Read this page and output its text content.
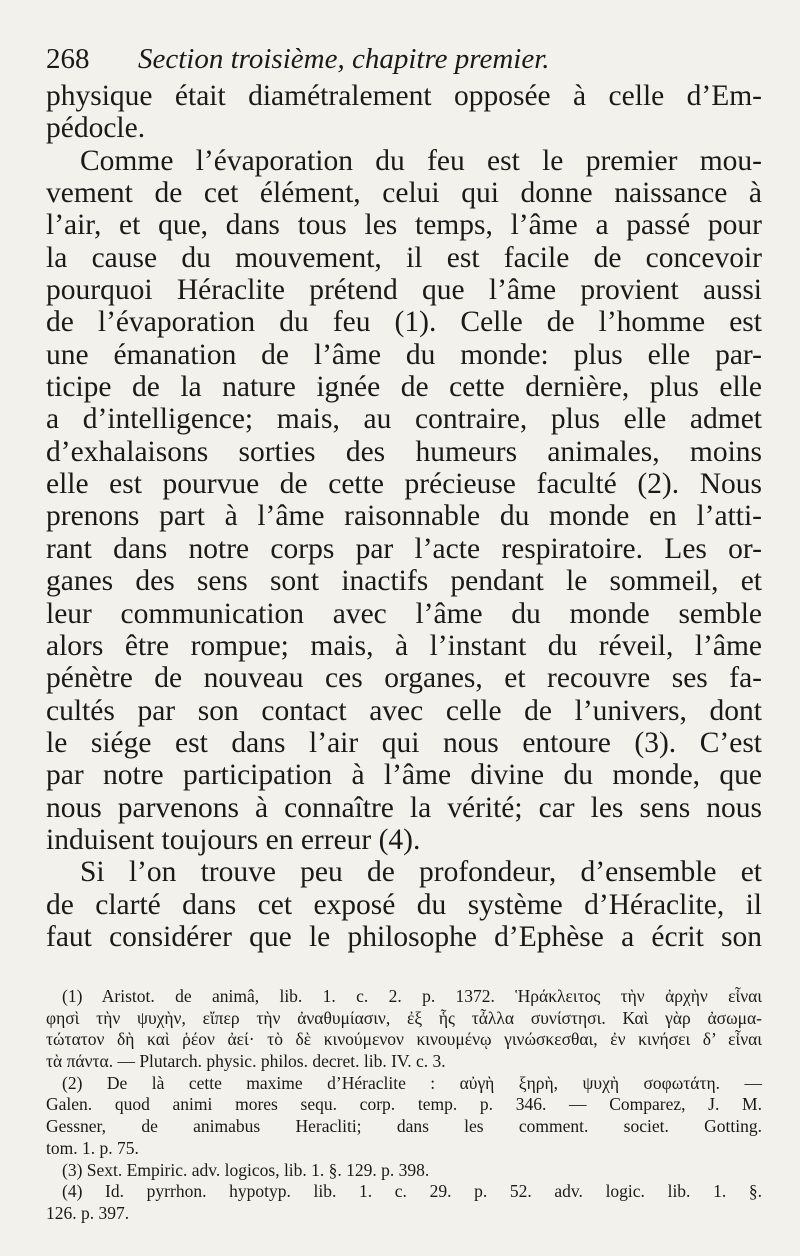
268 Section troisième, chapitre premier.
physique était diamétralement opposée à celle d’Em-
pédocle.
Comme l’évaporation du feu est le premier mou-
vement de cet élément, celui qui donne naissance à
l’air, et que, dans tous les temps, l’âme a passé pour
la cause du mouvement, il est facile de concevoir
pourquoi Héraclite prétend que l’âme provient aussi
de l’évaporation du feu (1). Celle de l’homme est
une émanation de l’âme du monde: plus elle par-
ticipe de la nature ignée de cette dernière, plus elle
a d’intelligence; mais, au contraire, plus elle admet
d’exhalaisons sorties des humeurs animales, moins
elle est pourvue de cette précieuse faculté (2). Nous
prenons part à l’âme raisonnable du monde en l’atti-
rant dans notre corps par l’acte respiratoire. Les or-
ganes des sens sont inactifs pendant le sommeil, et
leur communication avec l’âme du monde semble
alors être rompue; mais, à l’instant du réveil, l’âme
pénètre de nouveau ces organes, et recouvre ses fa-
cultés par son contact avec celle de l’univers, dont
le siége est dans l’air qui nous entoure (3). C’est
par notre participation à l’âme divine du monde, que
nous parvenons à connaître la vérité; car les sens nous
induisent toujours en erreur (4).
Si l’on trouve peu de profondeur, d’ensemble et
de clarté dans cet exposé du système d’Héraclite, il
faut considérer que le philosophe d’Ephèse a écrit son
(1) Aristot. de animâ, lib. 1. c. 2. p. 1372. Ἡράκλειτος τὴν ἀρχὴν εἶναι
φησὶ τὴν ψυχὴν, εἴπερ τὴν ἀναθυμίασιν, ἐξ ἧς τἆλλα συνίστησι. Καὶ γὰρ ἀσωμα-
τώτατον δὴ καὶ ῥέον ἀεί· τὸ δὲ κινούμενον κινουμένῳ γινώσκεσθαι, ἐν κινήσει δ’ εἶναι
τὰ πάντα. — Plutarch. physic. philos. decret. lib. IV. c. 3.
(2) De là cette maxime d’Héraclite : αὐγὴ ξηρὴ, ψυχὴ σοφωτάτη. —
Galen. quod animi mores sequ. corp. temp. p. 346. — Comparez, J. M.
Gessner, de animabus Heracliti; dans les comment. societ. Gotting.
tom. 1. p. 75.
(3) Sext. Empiric. adv. logicos, lib. 1. §. 129. p. 398.
(4) Id. pyrrhon. hypotyp. lib. 1. c. 29. p. 52. adv. logic. lib. 1. §.
126. p. 397.
